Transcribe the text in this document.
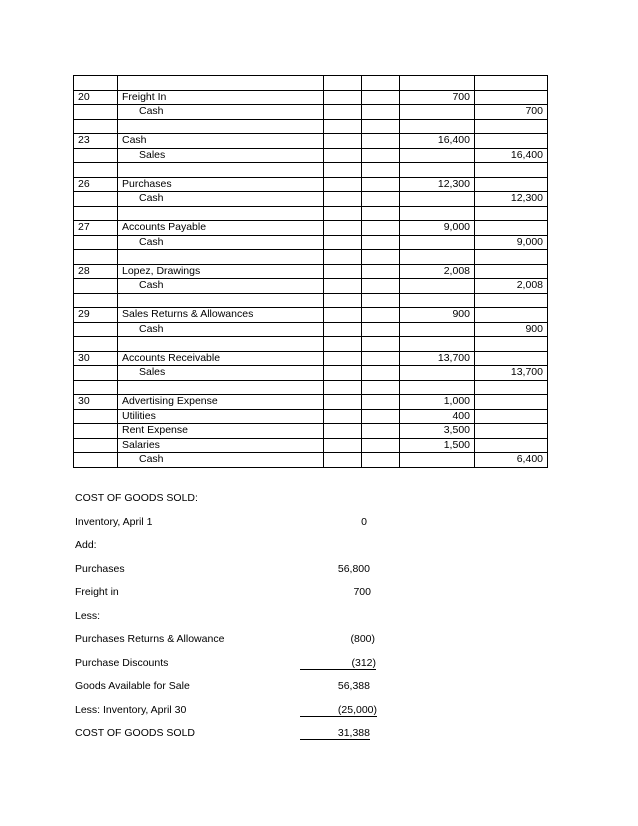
20	Freight In			700	
	Cash				700

23	Cash			16,400	
	Sales				16,400

26	Purchases			12,300	
	Cash				12,300

27	Accounts Payable			9,000	
	Cash				9,000

28	Lopez, Drawings			2,008	
	Cash				2,008

29	Sales Returns & Allowances			900	
	Cash				900

30	Accounts Receivable			13,700	
	Sales				13,700

30	Advertising Expense			1,000	
	Utilities			400	
	Rent Expense			3,500	
	Salaries			1,500	
	Cash				6,400
COST OF GOODS SOLD:
Inventory, April 1	0
Add:
Purchases	56,800
Freight in	700
Less:
Purchases Returns & Allowance	(800)
Purchase Discounts	(312)
Goods Available for Sale	56,388
Less: Inventory, April 30	(25,000)
COST OF GOODS SOLD	31,388
